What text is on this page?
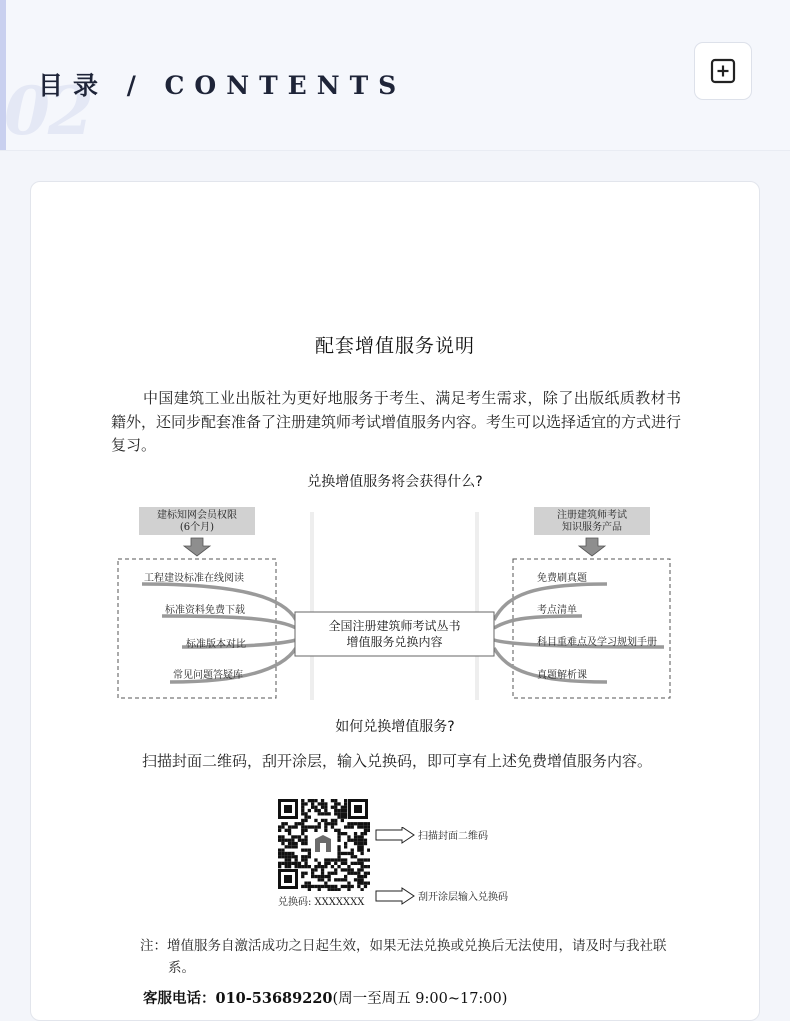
02
目录 / CONTENTS
配套增值服务说明

中国建筑工业出版社为更好地服务于考生、满足考生需求，除了出版纸质教材书籍外，还同步配套准备了注册建筑师考试增值服务内容。考生可以选择适宜的方式进行复习。

兑换增值服务将会获得什么?
建标知网会员权限
(6个月)
注册建筑师考试
知识服务产品
全国注册建筑师考试丛书
增值服务兑换内容
工程建设标准在线阅读
标准资料免费下载
标准版本对比
常见问题答疑库
免费刷真题
考点清单
科目重难点及学习规划手册
真题解析课
如何兑换增值服务?
扫描封面二维码，刮开涂层，输入兑换码，即可享有上述免费增值服务内容。
扫描封面二维码
兑换码: XXXXXXX	刮开涂层输入兑换码

注：增值服务自激活成功之日起生效，如果无法兑换或兑换后无法使用，请及时与我社联系。

客服电话：010-53689220(周一至周五 9:00~17:00)
